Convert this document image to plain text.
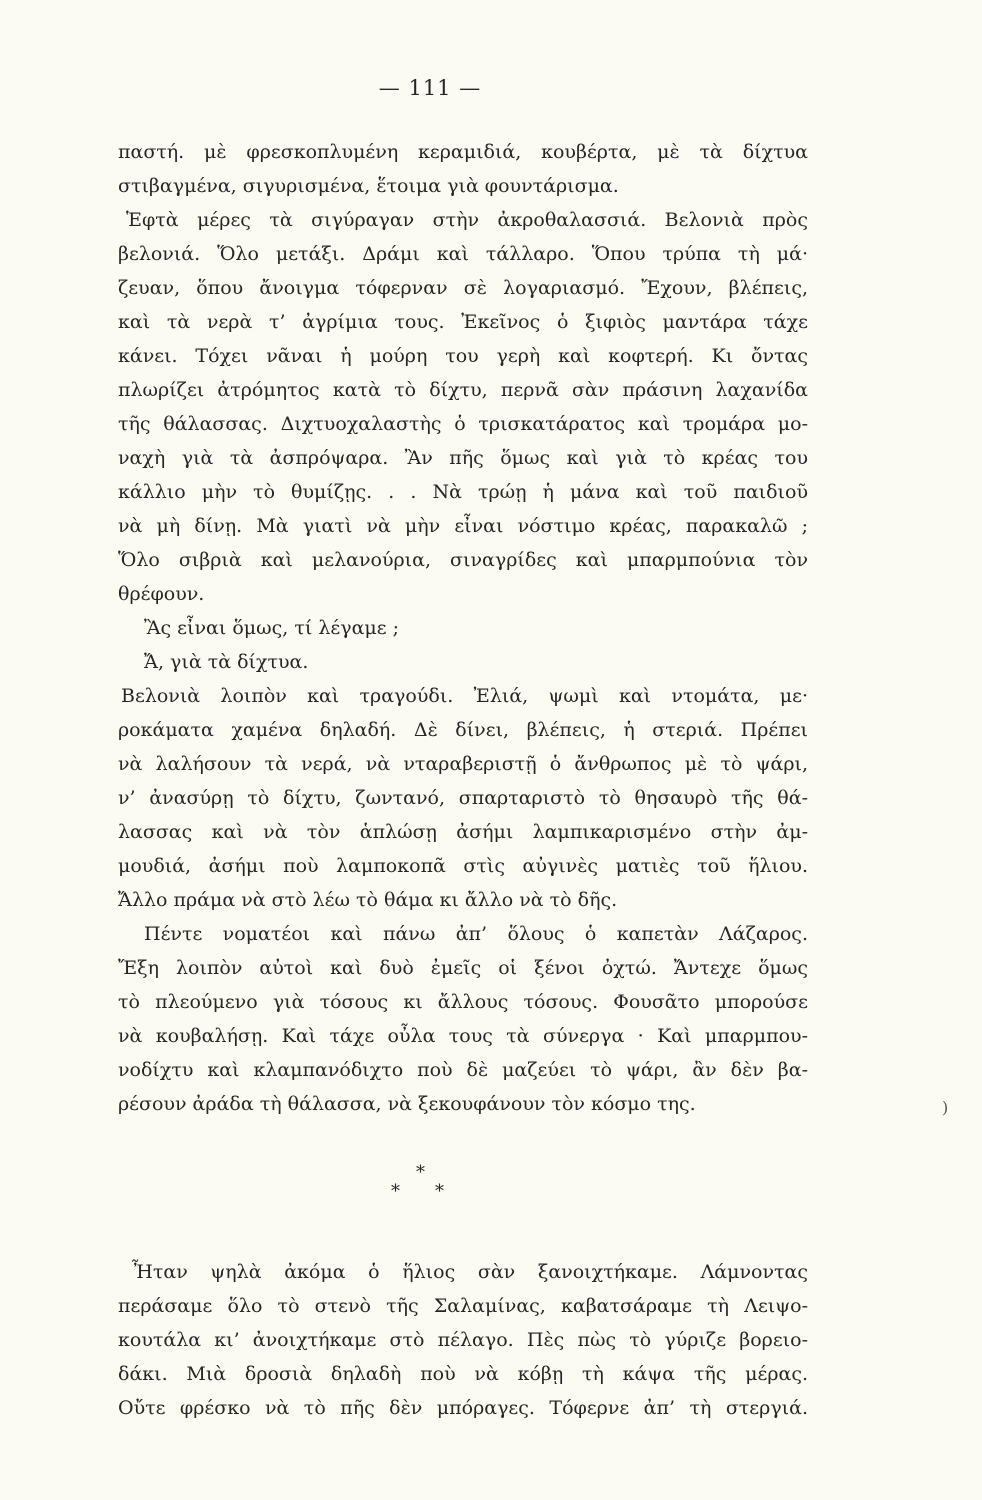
— 111 —
παστή. μὲ φρεσκοπλυμένη κεραμιδιά, κουβέρτα, μὲ τὰ δίχτυα
στιβαγμένα, σιγυρισμένα, ἕτοιμα γιὰ φουντάρισμα.
Ἑφτὰ μέρες τὰ σιγύραγαν στὴν ἀκροθαλασσιά. Βελονιὰ πρὸς
βελονιά. Ὅλο μετάξι. Δράμι καὶ τάλλαρο. Ὅπου τρύπα τὴ μά·
ζευαν, ὅπου ἄνοιγμα τόφερναν σὲ λογαριασμό. Ἔχουν, βλέπεις,
καὶ τὰ νερὰ τ’ ἀγρίμια τους. Ἐκεῖνος ὁ ξιφιὸς μαντάρα τάχε
κάνει. Τόχει νᾶναι ἡ μούρη του γερὴ καὶ κοφτερή. Κι ὄντας
πλωρίζει ἀτρόμητος κατὰ τὸ δίχτυ, περνᾶ σὰν πράσινη λαχανίδα
τῆς θάλασσας. Διχτυοχαλαστὴς ὁ τρισκατάρατος καὶ τρομάρα μο-
ναχὴ γιὰ τὰ ἀσπρόψαρα. Ἂν πῆς ὅμως καὶ γιὰ τὸ κρέας του
κάλλιο μὴν τὸ θυμίζῃς. . . Νὰ τρώῃ ἡ μάνα καὶ τοῦ παιδιοῦ
νὰ μὴ δίνῃ. Μὰ γιατὶ νὰ μὴν εἶναι νόστιμο κρέας, παρακαλῶ ;
Ὅλο σιβριὰ καὶ μελανούρια, σιναγρίδες καὶ μπαρμπούνια τὸν
θρέφουν.
Ἂς εἶναι ὅμως, τί λέγαμε ;
Ἄ, γιὰ τὰ δίχτυα.
Βελονιὰ λοιπὸν καὶ τραγούδι. Ἐλιά, ψωμὶ καὶ ντομάτα, με·
ροκάματα χαμένα δηλαδή. Δὲ δίνει, βλέπεις, ἡ στεριά. Πρέπει
νὰ λαλήσουν τὰ νερά, νὰ νταραβεριστῇ ὁ ἄνθρωπος μὲ τὸ ψάρι,
ν’ ἀνασύρῃ τὸ δίχτυ, ζωντανό, σπαρταριστὸ τὸ θησαυρὸ τῆς θά-
λασσας καὶ νὰ τὸν ἁπλώσῃ ἀσήμι λαμπικαρισμένο στὴν ἀμ-
μουδιά, ἀσήμι ποὺ λαμποκοπᾶ στὶς αὐγινὲς ματιὲς τοῦ ἥλιου.
Ἄλλο πράμα νὰ στὸ λέω τὸ θάμα κι ἄλλο νὰ τὸ δῆς.
Πέντε νοματέοι καὶ πάνω ἀπ’ ὅλους ὁ καπετὰν Λάζαρος.
Ἔξη λοιπὸν αὐτοὶ καὶ δυὸ ἐμεῖς οἱ ξένοι ὀχτώ. Ἄντεχε ὅμως
τὸ πλεούμενο γιὰ τόσους κι ἄλλους τόσους. Φουσᾶτο μπορούσε
νὰ κουβαλήσῃ. Καὶ τάχε οὖλα τους τὰ σύνεργα · Καὶ μπαρμπου-
νοδίχτυ καὶ κλαμπανόδιχτο ποὺ δὲ μαζεύει τὸ ψάρι, ἂν δὲν βα-
ρέσουν ἀράδα τὴ θάλασσα, νὰ ξεκουφάνουν τὸν κόσμο της.	)
*
* *
Ἦταν ψηλὰ ἀκόμα ὁ ἥλιος σὰν ξανοιχτήκαμε. Λάμνοντας
περάσαμε ὅλο τὸ στενὸ τῆς Σαλαμίνας, καβατσάραμε τὴ Λειψο-
κουτάλα κι’ ἀνοιχτήκαμε στὸ πέλαγο. Πὲς πὼς τὸ γύριζε βορειο-
δάκι. Μιὰ δροσιὰ δηλαδὴ ποὺ νὰ κόβῃ τὴ κάψα τῆς μέρας.
Οὔτε φρέσκο νὰ τὸ πῆς δὲν μπόραγες. Τόφερνε ἀπ’ τὴ στεργιά.
